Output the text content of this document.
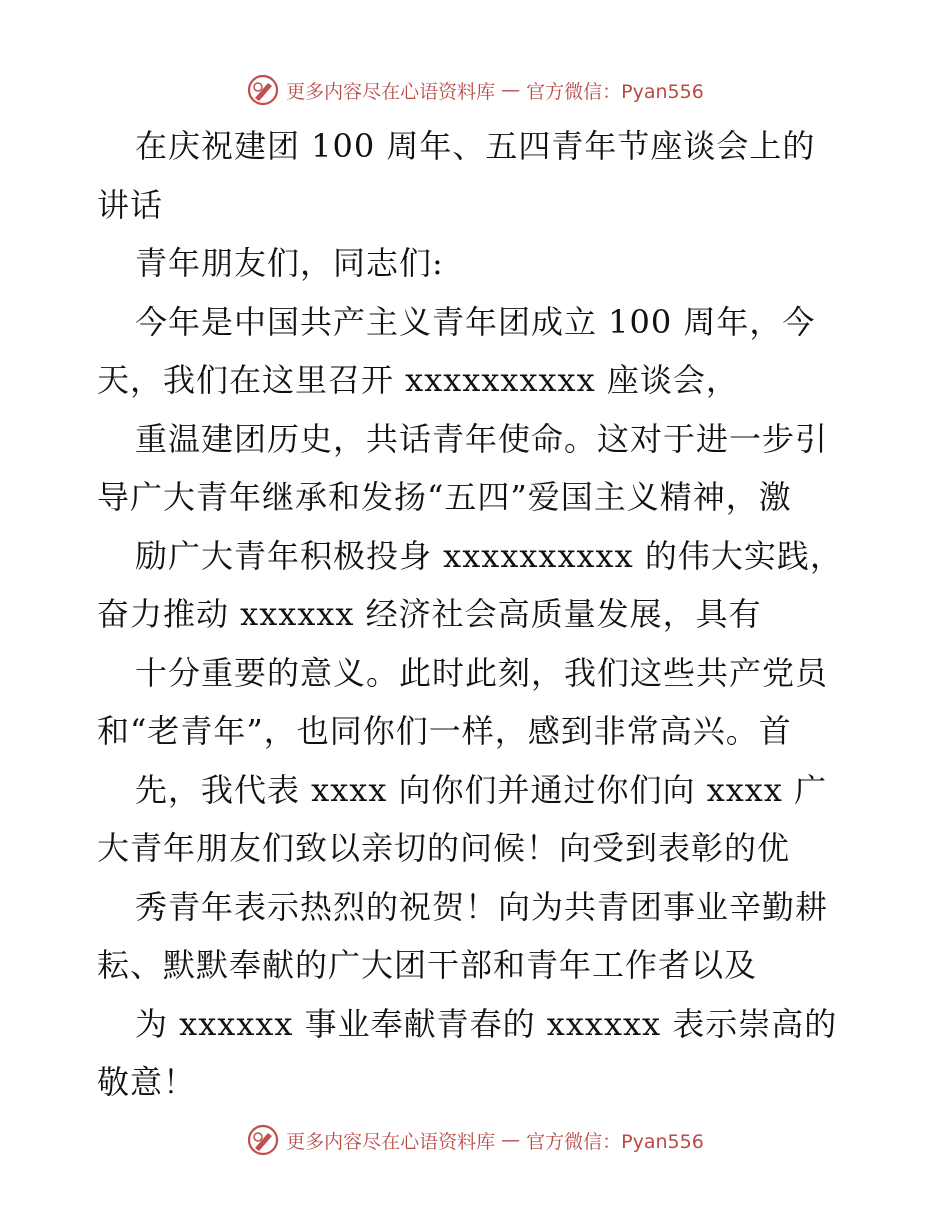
更多内容尽在心语资料库 — 官方微信：Pyan556
在庆祝建团 100 周年、五四青年节座谈会上的
讲话
青年朋友们，同志们:
今年是中国共产主义青年团成立 100 周年，今
天，我们在这里召开 xxxxxxxxxx 座谈会，
重温建团历史，共话青年使命。这对于进一步引
导广大青年继承和发扬“五四”爱国主义精神，激
励广大青年积极投身 xxxxxxxxxx 的伟大实践，
奋力推动 xxxxxx 经济社会高质量发展，具有
十分重要的意义。此时此刻，我们这些共产党员
和“老青年”，也同你们一样，感到非常高兴。首
先，我代表 xxxx 向你们并通过你们向 xxxx 广
大青年朋友们致以亲切的问候！向受到表彰的优
秀青年表示热烈的祝贺！向为共青团事业辛勤耕
耘、默默奉献的广大团干部和青年工作者以及
为 xxxxxx 事业奉献青春的 xxxxxx 表示崇高的
敬意！
更多内容尽在心语资料库 — 官方微信：Pyan556
